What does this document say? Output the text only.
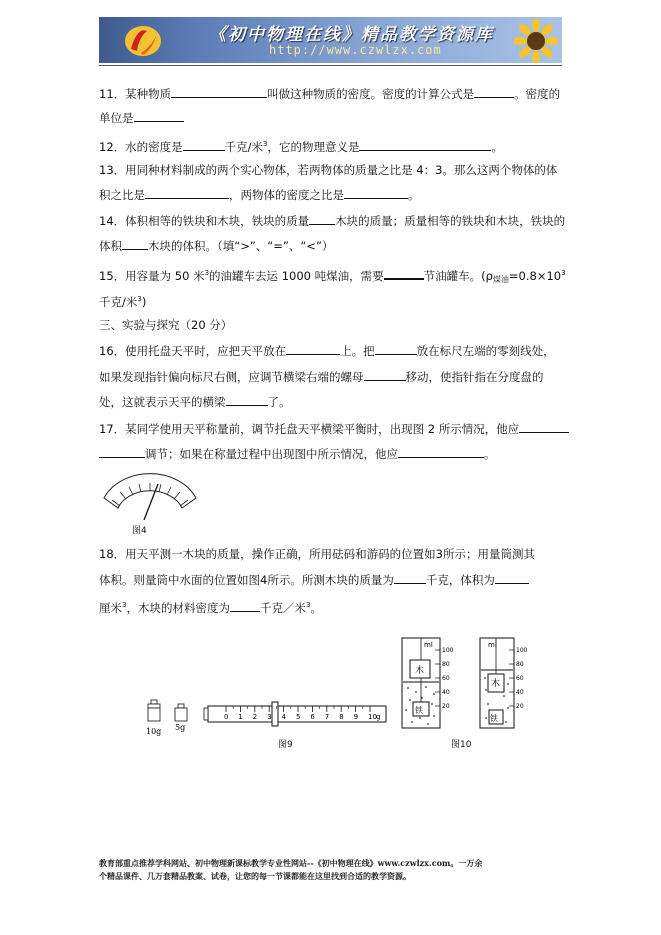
《初中物理在线》精品教学资源库
http://www.czwlzx.com
11．某种物质	叫做这种物质的密度。密度的计算公式是	。密度的
单位是
12．水的密度是	千克/米$^3$，它的物理意义是	。
13．用同种材料制成的两个实心物体，若两物体的质量之比是 4：3。那么这两个物体的体
积之比是	，两物体的密度之比是	。
14．体积相等的铁块和木块，铁块的质量 木块的质量；质量相等的铁块和木块，铁块的
体积 木块的体积。（填“>”、“=”、“<”）
15．用容量为 50 米$^3$的油罐车去运 1000 吨煤油，需要	节油罐车。($\rho_{煤油}=0.8\times 10^3$
千克/米$^3$)
三、实验与探究（20 分）
16．使用托盘天平时，应把天平放在	上。把	放在标尺左端的零刻线处，
如果发现指针偏向标尺右侧，应调节横梁右端的螺母	移动，使指针指在分度盘的
处，这就表示天平的横梁	了。
17．某同学使用天平称量前，调节托盘天平横梁平衡时，出现图 2 所示情况，他应
调节；如果在称量过程中出现图中所示情况，他应	。
图4
18．用天平测一木块的质量，操作正确，所用砝码和游码的位置如3所示；用量筒测其
体积。则量筒中水面的位置如图4所示。所测木块的质量为	千克，体积为
厘米$^3$，木块的材料密度为	千克／米$^3$。
10g 5g
0 1 2 3 4 5 6 7 8 9 10 g
图9
木
铁
ml
100
80
60
40
20
木
铁
ml
100
80
60
40
20
图10
教育部重点推荐学科网站、初中物理新课标教学专业性网站--《初中物理在线》www.czwlzx.com。一万余
个精品课件、几万套精品教案、试卷，让您的每一节课都能在这里找到合适的教学资源。
